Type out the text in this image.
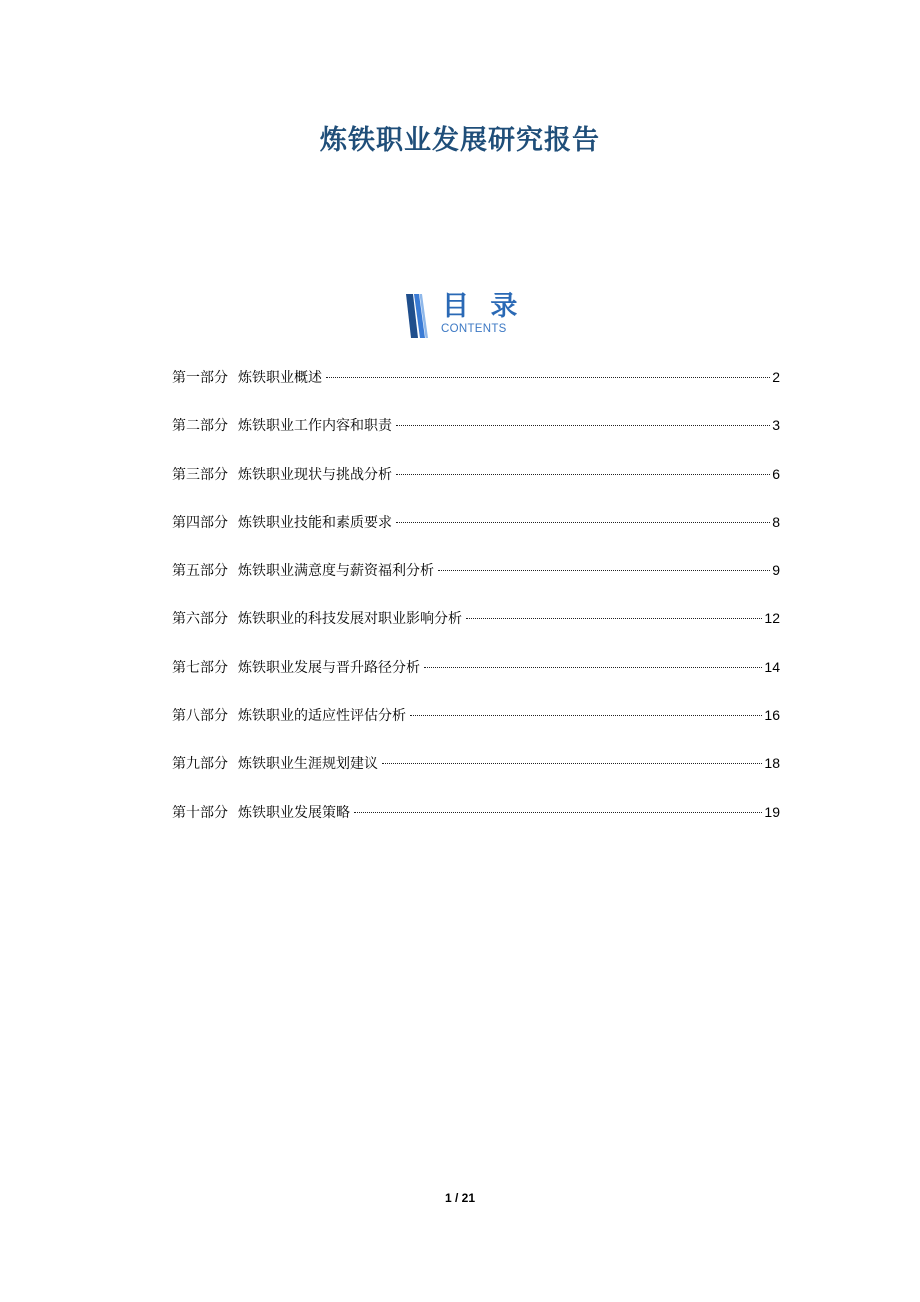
炼铁职业发展研究报告
目 录
CONTENTS
第一部分 炼铁职业概述	2
第二部分 炼铁职业工作内容和职责	3
第三部分 炼铁职业现状与挑战分析	6
第四部分 炼铁职业技能和素质要求	8
第五部分 炼铁职业满意度与薪资福利分析	9
第六部分 炼铁职业的科技发展对职业影响分析	12
第七部分 炼铁职业发展与晋升路径分析	14
第八部分 炼铁职业的适应性评估分析	16
第九部分 炼铁职业生涯规划建议	18
第十部分 炼铁职业发展策略	19
1 / 21
